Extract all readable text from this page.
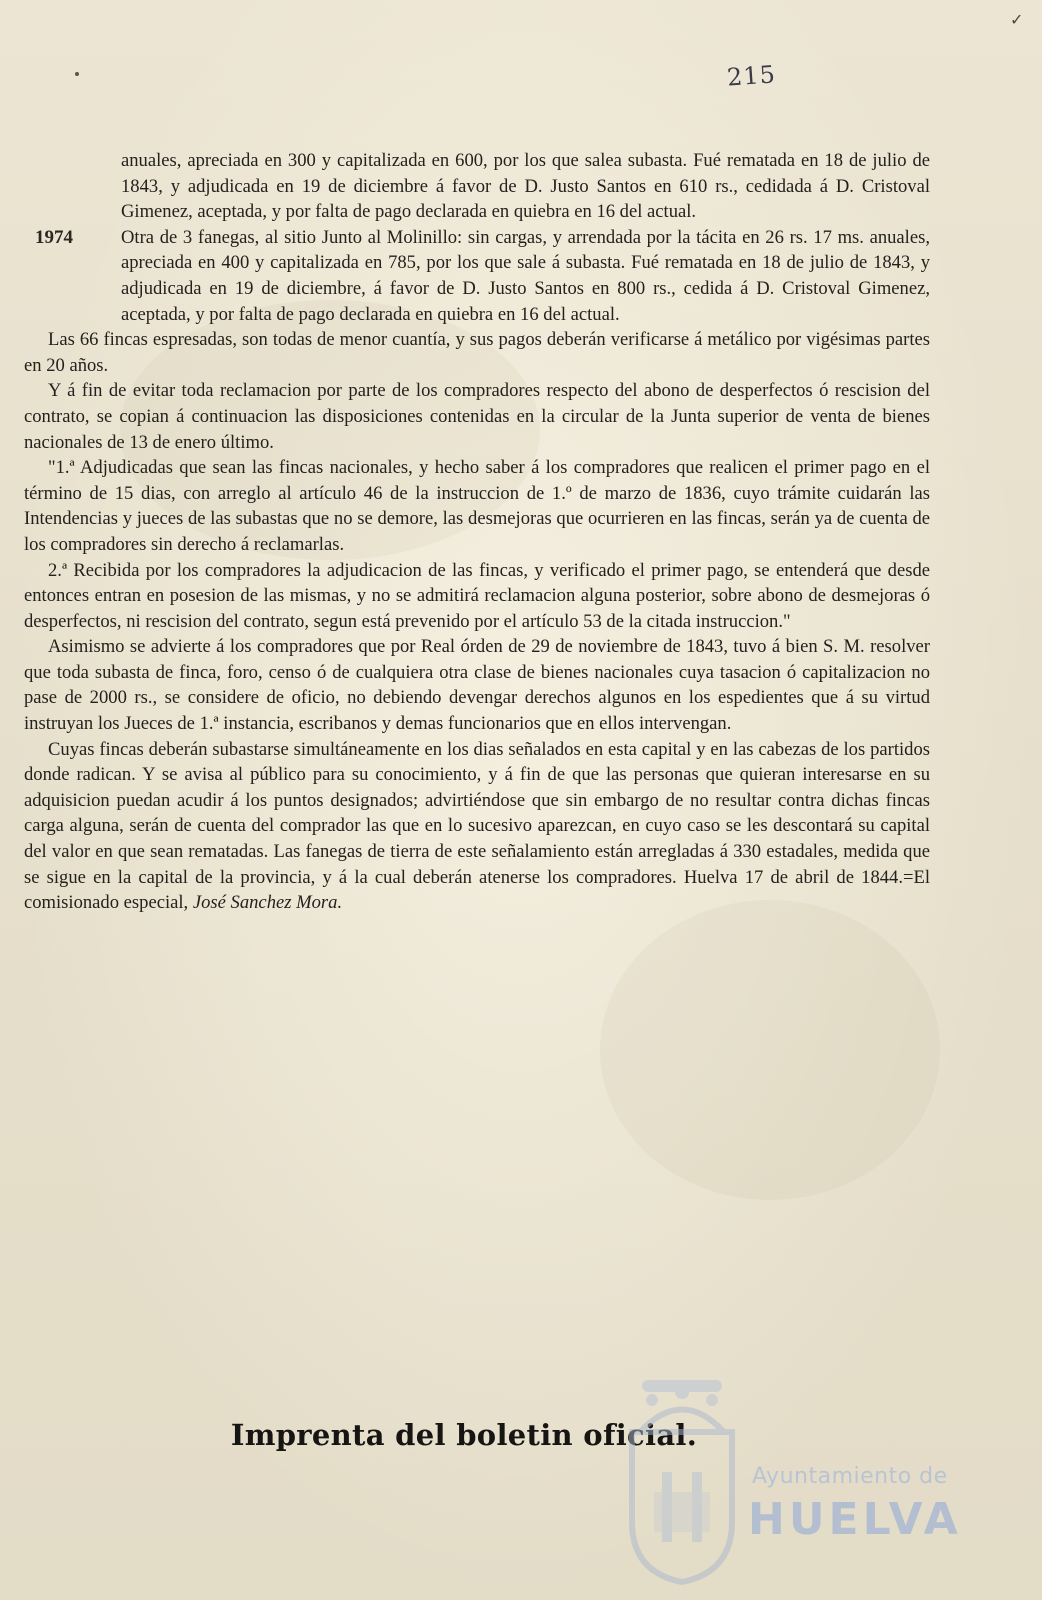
✓
215

anuales, apreciada en 300 y capitalizada en 600, por los que salea subasta. Fué rematada en 18 de julio de 1843, y adjudicada en 19 de diciembre á favor de D. Justo Santos en 610 rs., cedidada á D. Cristoval Gimenez, aceptada, y por falta de pago declarada en quiebra en 16 del actual.

1974	Otra de 3 fanegas, al sitio Junto al Molinillo: sin cargas, y arrendada por la tácita en 26 rs. 17 ms. anuales, apreciada en 400 y capitalizada en 785, por los que sale á subasta. Fué rematada en 18 de julio de 1843, y adjudicada en 19 de diciembre, á favor de D. Justo Santos en 800 rs., cedida á D. Cristoval Gimenez, aceptada, y por falta de pago declarada en quiebra en 16 del actual.

Las 66 fincas espresadas, son todas de menor cuantía, y sus pagos deberán verificarse á metálico por vigésimas partes en 20 años.

Y á fin de evitar toda reclamacion por parte de los compradores respecto del abono de desperfectos ó rescision del contrato, se copian á continuacion las disposiciones contenidas en la circular de la Junta superior de venta de bienes nacionales de 13 de enero último.

"1.ª Adjudicadas que sean las fincas nacionales, y hecho saber á los compradores que realicen el primer pago en el término de 15 dias, con arreglo al artículo 46 de la instruccion de 1.º de marzo de 1836, cuyo trámite cuidarán las Intendencias y jueces de las subastas que no se demore, las desmejoras que ocurrieren en las fincas, serán ya de cuenta de los compradores sin derecho á reclamarlas.

2.ª Recibida por los compradores la adjudicacion de las fincas, y verificado el primer pago, se entenderá que desde entonces entran en posesion de las mismas, y no se admitirá reclamacion alguna posterior, sobre abono de desmejoras ó desperfectos, ni rescision del contrato, segun está prevenido por el artículo 53 de la citada instruccion."

Asimismo se advierte á los compradores que por Real órden de 29 de noviembre de 1843, tuvo á bien S. M. resolver que toda subasta de finca, foro, censo ó de cualquiera otra clase de bienes nacionales cuya tasacion ó capitalizacion no pase de 2000 rs., se considere de oficio, no debiendo devengar derechos algunos en los espedientes que á su virtud instruyan los Jueces de 1.ª instancia, escribanos y demas funcionarios que en ellos intervengan.

Cuyas fincas deberán subastarse simultáneamente en los dias señalados en esta capital y en las cabezas de los partidos donde radican. Y se avisa al público para su conocimiento, y á fin de que las personas que quieran interesarse en su adquisicion puedan acudir á los puntos designados; advirtiéndose que sin embargo de no resultar contra dichas fincas carga alguna, serán de cuenta del comprador las que en lo sucesivo aparezcan, en cuyo caso se les descontará su capital del valor en que sean rematadas. Las fanegas de tierra de este señalamiento están arregladas á 330 estadales, medida que se sigue en la capital de la provincia, y á la cual deberán atenerse los compradores. Huelva 17 de abril de 1844.=El comisionado especial, José Sanchez Mora.

Imprenta del boletin oficial.
Ayuntamiento de
HUELVA
